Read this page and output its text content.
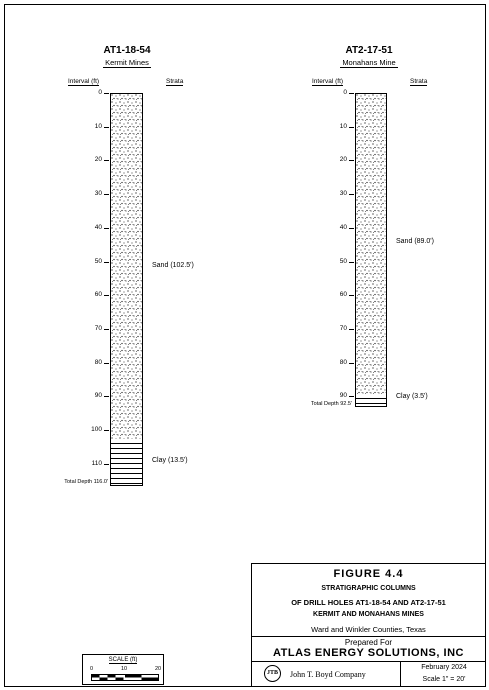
AT1-18-54
Kermit Mines
Interval (ft)	Strata
0
10
20
30
40
50
60
70
80
90
100
110
Sand (102.5')
Clay (13.5')
Total Depth 116.0'
AT2-17-51
Monahans Mine
Interval (ft)	Strata
0
10
20
30
40
50
60
70
80
90
Sand (89.0')
Clay (3.5')
Total Depth 92.5'
SCALE (ft)
0	10	20
FIGURE 4.4
STRATIGRAPHIC COLUMNS
OF DRILL HOLES AT1-18-54 AND AT2-17-51
KERMIT AND MONAHANS MINES
Ward and Winkler Counties, Texas
Prepared For
ATLAS ENERGY SOLUTIONS, INC
JTB	John T. Boyd Company
February 2024
Scale 1" = 20'
